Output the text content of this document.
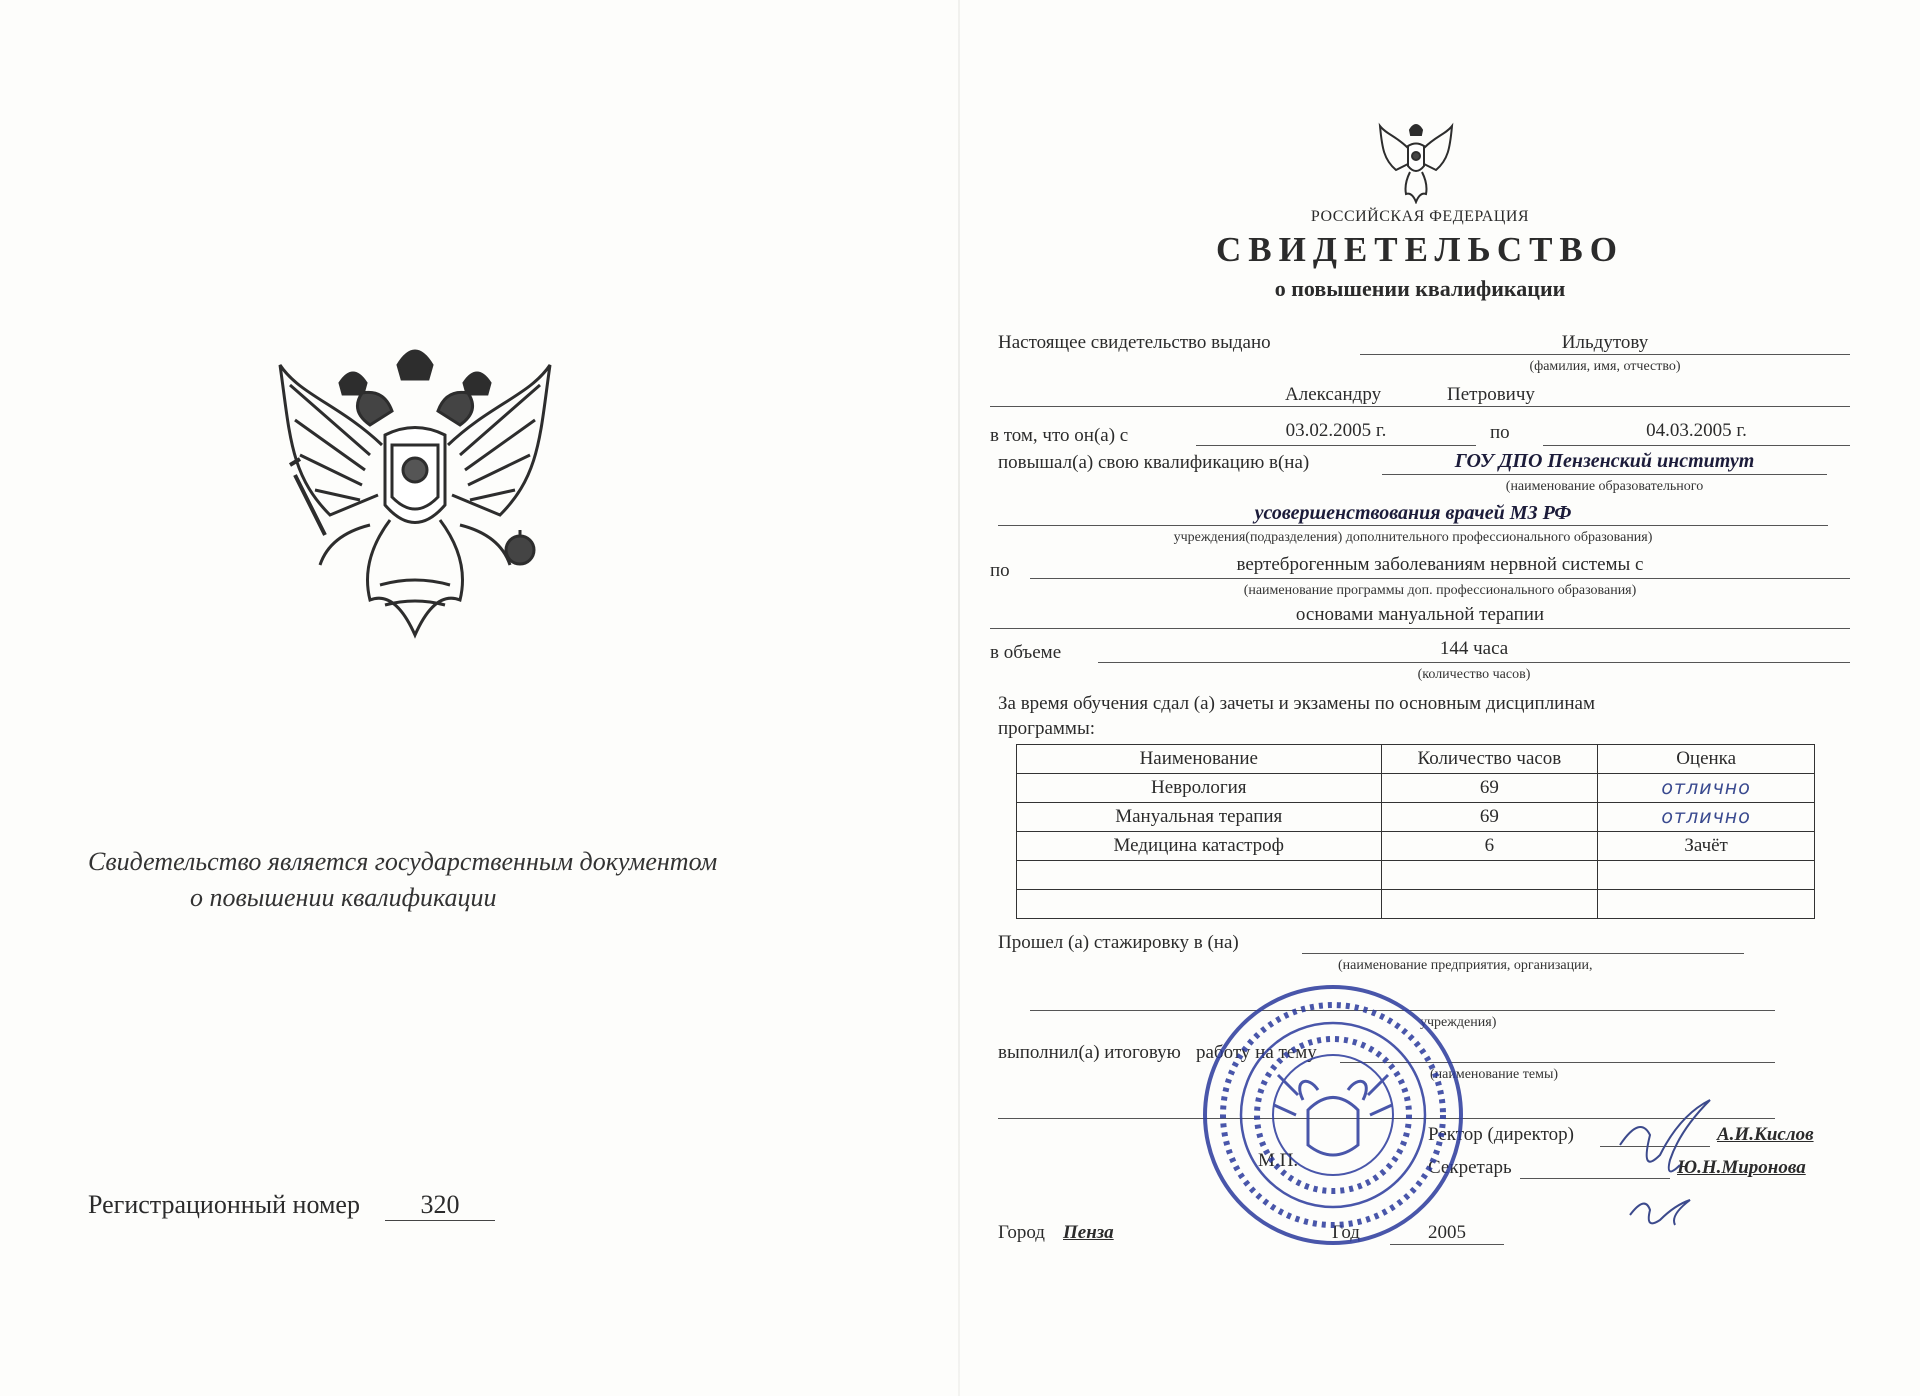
Свидетельство является государственным документом
о повышении квалификации
Регистрационный номер	320
РОССИЙСКАЯ ФЕДЕРАЦИЯ
СВИДЕТЕЛЬСТВО
о повышении квалификации
Настоящее свидетельство выдано	Ильдутову
(фамилия, имя, отчество)
Александру	Петровичу
в том, что он(а) с	03.02.2005 г.	по	04.03.2005 г.
повышал(а) свою квалификацию в(на)	ГОУ ДПО Пензенский институт
(наименование образовательного
усовершенствования врачей МЗ РФ
учреждения(подразделения) дополнительного профессионального образования)
по	вертеброгенным заболеваниям нервной системы с
(наименование программы доп. профессионального образования)
основами мануальной терапии
в объеме	144 часа
(количество часов)
За время обучения сдал (а) зачеты и экзамены по основным дисциплинам
программы:
Наименование	Количество часов	Оценка
Неврология	69	отлично
Мануальная терапия	69	отлично
Медицина катастроф	6	Зачёт

Прошел (а) стажировку в (на)
(наименование предприятия, организации,
учреждения)
выполнил(а) итоговую работу на тему
(наименование темы)
Ректор (директор)	А.И.Кислов
М.П.	Секретарь	Ю.Н.Миронова
Город Пенза	Год	2005
